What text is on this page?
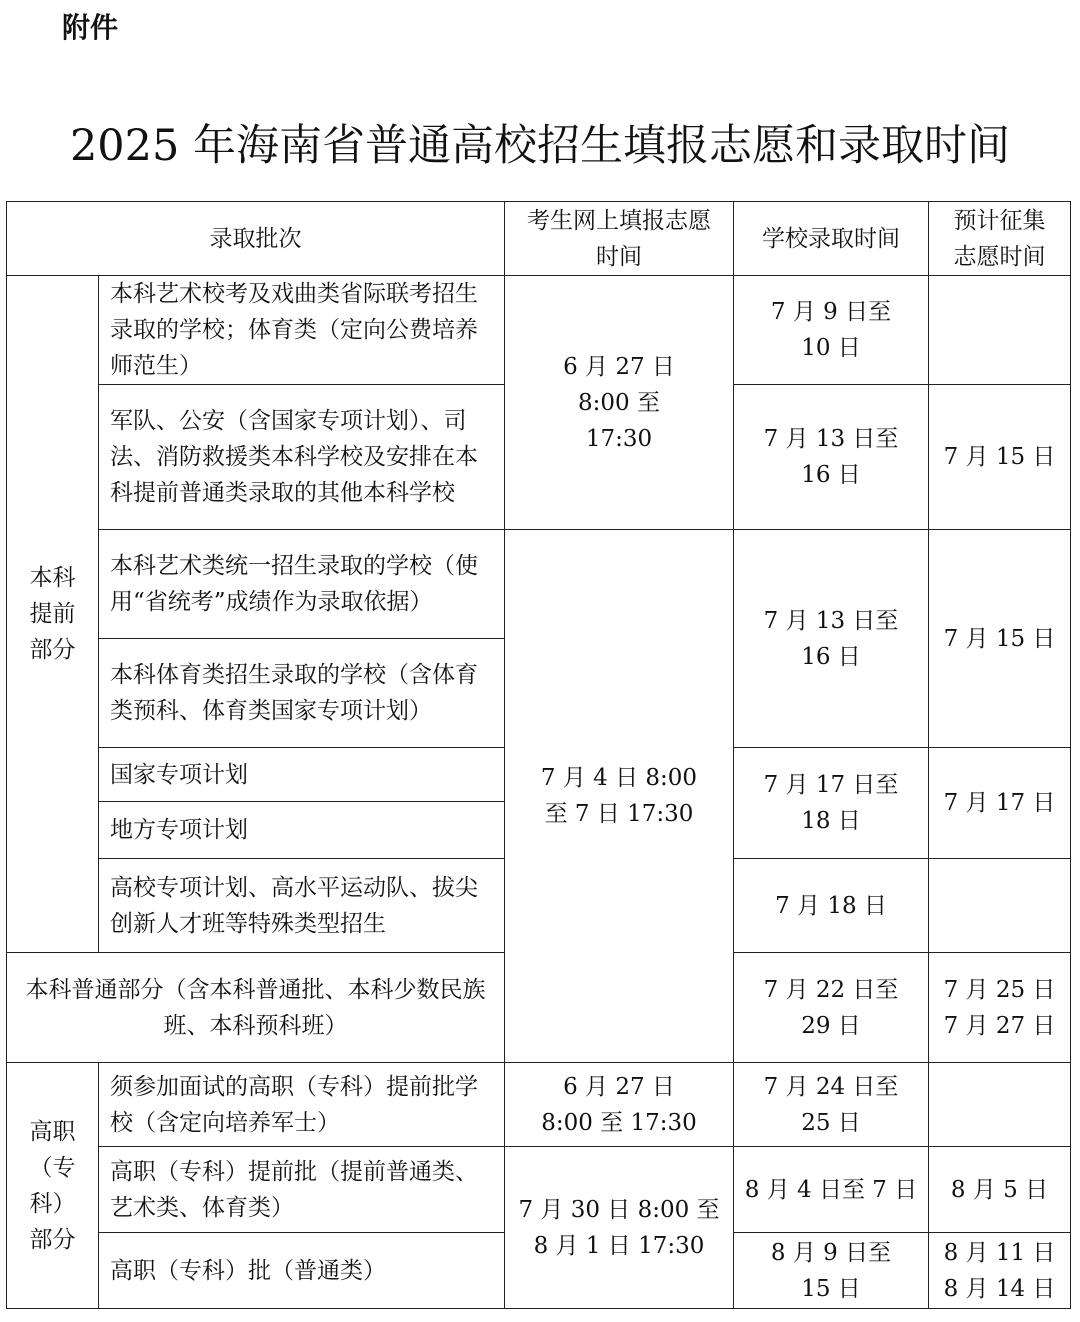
附件
2025 年海南省普通高校招生填报志愿和录取时间
录取批次		考生网上填报志愿时间	学校录取时间	预计征集志愿时间

本科提前部分	本科艺术校考及戏曲类省际联考招生录取的学校；体育类（定向公费培养师范生）	6 月 27 日 8:00 至 17:30	7 月 9 日至 10 日	

	军队、公安（含国家专项计划）、司法、消防救援类本科学校及安排在本科提前普通类录取的其他本科学校		7 月 13 日至 16 日	7 月 15 日
	本科艺术类统一招生录取的学校（使用“省统考”成绩作为录取依据）	7 月 4 日 8:00 至 7 日 17:30	7 月 13 日至 16 日	7 月 15 日
	本科体育类招生录取的学校（含体育类预科、体育类国家专项计划）			
	国家专项计划		7 月 17 日至 18 日	7 月 17 日
	地方专项计划			
	高校专项计划、高水平运动队、拔尖创新人才班等特殊类型招生		7 月 18 日	

本科普通部分（含本科普通批、本科少数民族班、本科预科班）			7 月 22 日至 29 日	7 月 25 日 7 月 27 日

高职（专科）部分	须参加面试的高职（专科）提前批学校（含定向培养军士）	6 月 27 日 8:00 至 17:30	7 月 24 日至 25 日	

	高职（专科）提前批（提前普通类、艺术类、体育类）	7 月 30 日 8:00 至 8 月 1 日 17:30	8 月 4 日至 7 日	8 月 5 日
	高职（专科）批（普通类）		8 月 9 日至 15 日	8 月 11 日 8 月 14 日
